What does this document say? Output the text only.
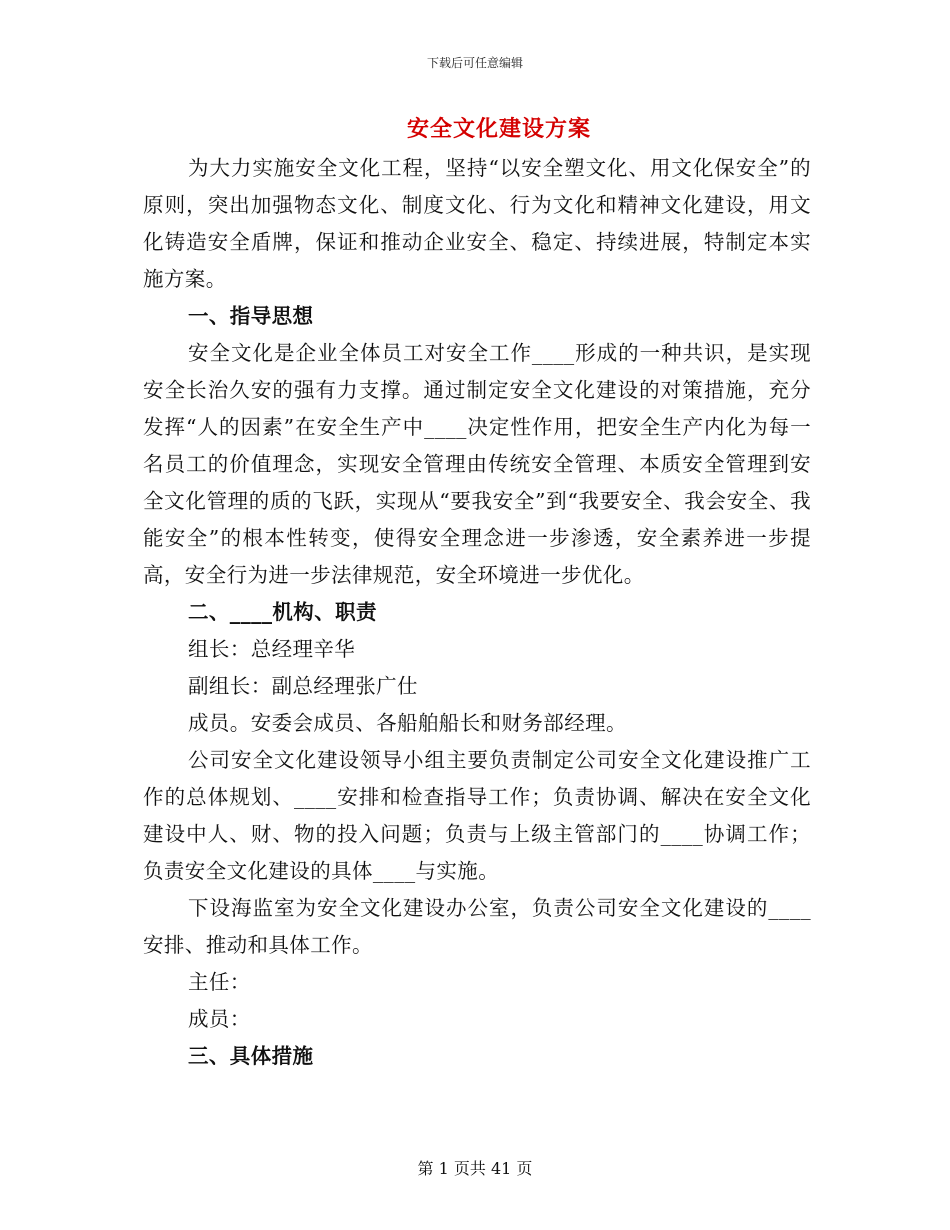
下载后可任意编辑
安全文化建设方案

为大力实施安全文化工程，坚持“以安全塑文化、用文化保安全”的原则，突出加强物态文化、制度文化、行为文化和精神文化建设，用文化铸造安全盾牌，保证和推动企业安全、稳定、持续进展，特制定本实施方案。

一、指导思想

安全文化是企业全体员工对安全工作____形成的一种共识，是实现安全长治久安的强有力支撑。通过制定安全文化建设的对策措施，充分发挥“人的因素”在安全生产中____决定性作用，把安全生产内化为每一名员工的价值理念，实现安全管理由传统安全管理、本质安全管理到安全文化管理的质的飞跃，实现从“要我安全”到“我要安全、我会安全、我能安全”的根本性转变，使得安全理念进一步渗透，安全素养进一步提高，安全行为进一步法律规范，安全环境进一步优化。

二、____机构、职责

组长：总经理辛华

副组长：副总经理张广仕

成员。安委会成员、各船舶船长和财务部经理。

公司安全文化建设领导小组主要负责制定公司安全文化建设推广工作的总体规划、____安排和检查指导工作；负责协调、解决在安全文化建设中人、财、物的投入问题；负责与上级主管部门的____协调工作；负责安全文化建设的具体____与实施。

下设海监室为安全文化建设办公室，负责公司安全文化建设的____安排、推动和具体工作。

主任：

成员：

三、具体措施

第 1 页共 41 页
